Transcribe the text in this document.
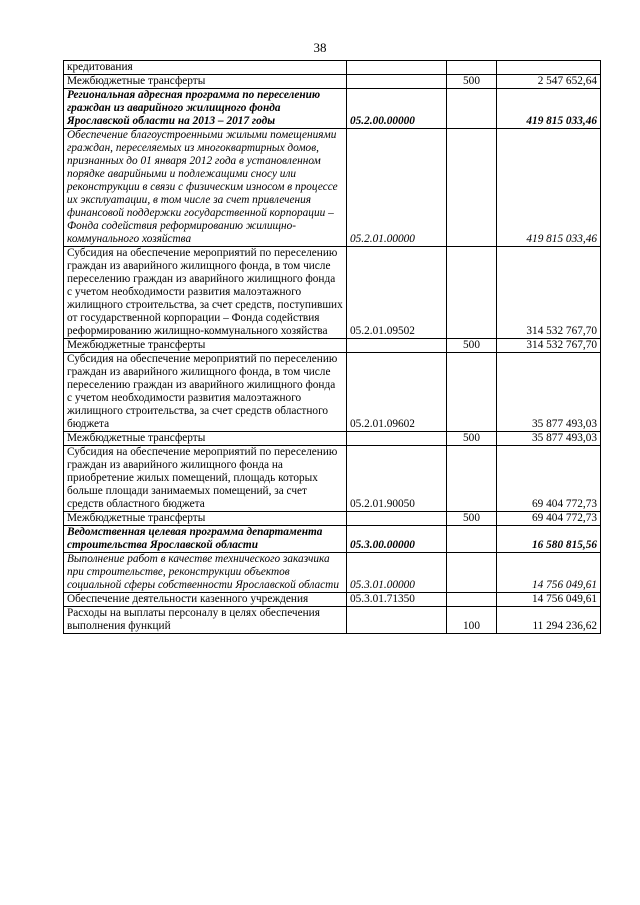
38
кредитования			
Межбюджетные трансферты		500	2 547 652,64
Региональная адресная программа по переселению граждан из аварийного жилищного фонда Ярославской области на 2013 – 2017 годы	05.2.00.00000		419 815 033,46
Обеспечение благоустроенными жилыми помещениями граждан, переселяемых из многоквартирных домов, признанных до 01 января 2012 года в установленном порядке аварийными и подлежащими сносу или реконструкции в связи с физическим износом в процессе их эксплуатации, в том числе за счет привлечения финансовой поддержки государственной корпорации – Фонда содействия реформированию жилищно-коммунального хозяйства	05.2.01.00000		419 815 033,46
Субсидия на обеспечение мероприятий по переселению граждан из аварийного жилищного фонда, в том числе переселению граждан из аварийного жилищного фонда с учетом необходимости развития малоэтажного жилищного строительства, за счет средств, поступивших от государственной корпорации – Фонда содействия реформированию жилищно-коммунального хозяйства	05.2.01.09502		314 532 767,70
Межбюджетные трансферты		500	314 532 767,70
Субсидия на обеспечение мероприятий по переселению граждан из аварийного жилищного фонда, в том числе переселению граждан из аварийного жилищного фонда с учетом необходимости развития малоэтажного жилищного строительства, за счет средств областного бюджета	05.2.01.09602		35 877 493,03
Межбюджетные трансферты		500	35 877 493,03
Субсидия на обеспечение мероприятий по переселению граждан из аварийного жилищного фонда на приобретение жилых помещений, площадь которых больше площади занимаемых помещений, за счет средств областного бюджета	05.2.01.90050		69 404 772,73
Межбюджетные трансферты		500	69 404 772,73
Ведомственная целевая программа департамента строительства Ярославской области	05.3.00.00000		16 580 815,56
Выполнение работ в качестве технического заказчика при строительстве, реконструкции объектов социальной сферы собственности Ярославской области	05.3.01.00000		14 756 049,61
Обеспечение деятельности казенного учреждения	05.3.01.71350		14 756 049,61
Расходы на выплаты персоналу в целях обеспечения выполнения функций		100	11 294 236,62
